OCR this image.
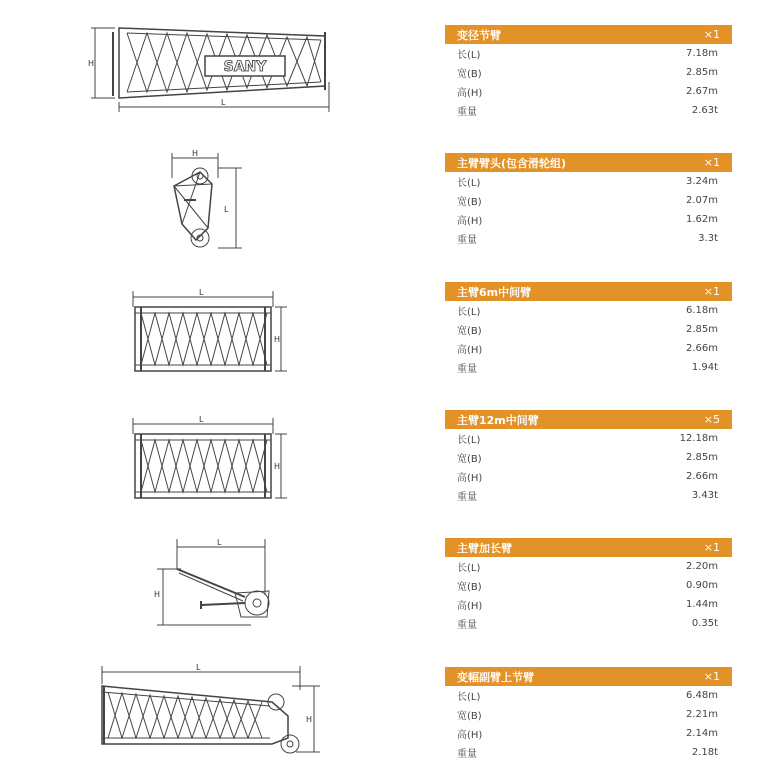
H
L
SANY
变径节臂	×1
长(L)	7.18m
宽(B)	2.85m
高(H)	2.67m
重量	2.63t
H
L
主臂臂头(包含滑轮组)	×1
长(L)	3.24m
宽(B)	2.07m
高(H)	1.62m
重量	3.3t
L
H
主臂6m中间臂	×1
长(L)	6.18m
宽(B)	2.85m
高(H)	2.66m
重量	1.94t
L
H
主臂12m中间臂	×5
长(L)	12.18m
宽(B)	2.85m
高(H)	2.66m
重量	3.43t
L
H
主臂加长臂	×1
长(L)	2.20m
宽(B)	0.90m
高(H)	1.44m
重量	0.35t
L
H
变幅副臂上节臂	×1
长(L)	6.48m
宽(B)	2.21m
高(H)	2.14m
重量	2.18t
